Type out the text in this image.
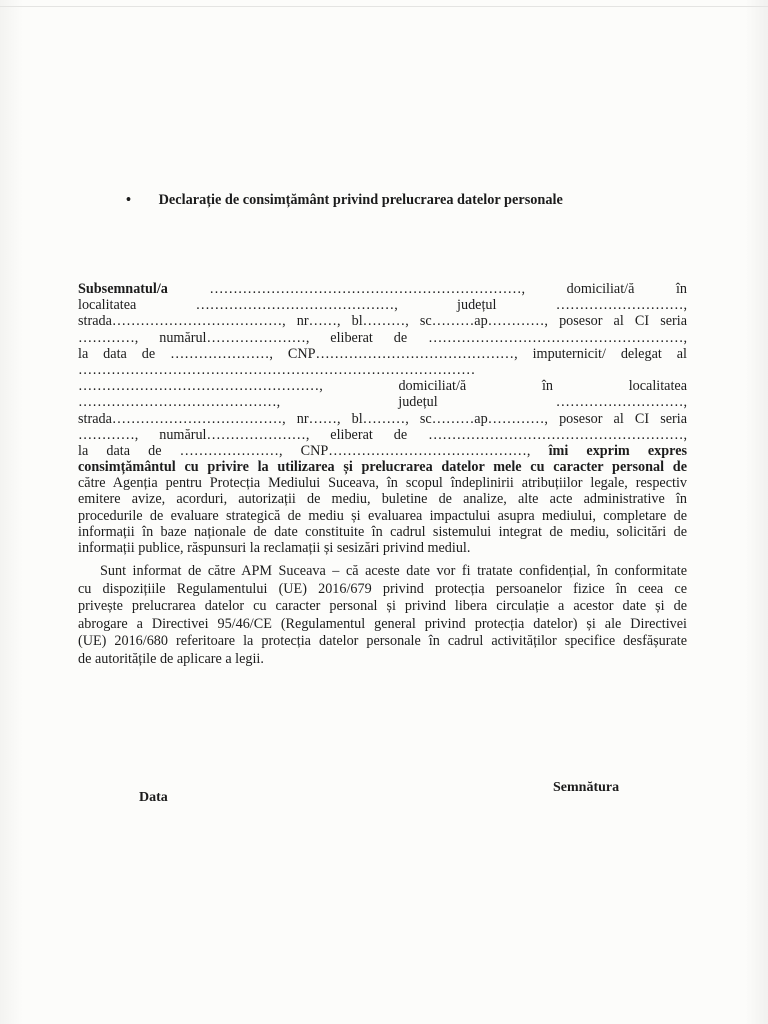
• Declarație de consimțământ privind prelucrarea datelor personale
Subsemnatul/a …………………………………………………………, domiciliat/ă în
localitatea ……………………………………, județul ………………………,
strada………………………………, nr……, bl………, sc………ap…………, posesor al CI seria
…………, numărul…………………, eliberat de ………………………………………………,
la data de …………………, CNP……………………………………, imputernicit/ delegat al
…………………………………………………………………………
……………………………………………, domiciliat/ă în localitatea
……………………………………, județul ………………………,
strada………………………………, nr……, bl………, sc………ap…………, posesor al CI seria
…………, numărul…………………, eliberat de ………………………………………………,
la data de …………………, CNP……………………………………, îmi exprim expres
consimțământul cu privire la utilizarea și prelucrarea datelor mele cu caracter personal de
către Agenția pentru Protecția Mediului Suceava, în scopul îndeplinirii atribuțiilor legale, respectiv
emitere avize, acorduri, autorizații de mediu, buletine de analize, alte acte administrative în
procedurile de evaluare strategică de mediu și evaluarea impactului asupra mediului, completare de
informații în baze naționale de date constituite în cadrul sistemului integrat de mediu, solicitări de
informații publice, răspunsuri la reclamații și sesizări privind mediul.
Sunt informat de către APM Suceava – că aceste date vor fi tratate confidențial, în conformitate
cu dispozițiile Regulamentului (UE) 2016/679 privind protecția persoanelor fizice în ceea ce
privește prelucrarea datelor cu caracter personal și privind libera circulație a acestor date și de
abrogare a Directivei 95/46/CE (Regulamentul general privind protecția datelor) și ale Directivei
(UE) 2016/680 referitoare la protecția datelor personale în cadrul activităților specifice desfășurate
de autoritățile de aplicare a legii.
Data
Semnătura
